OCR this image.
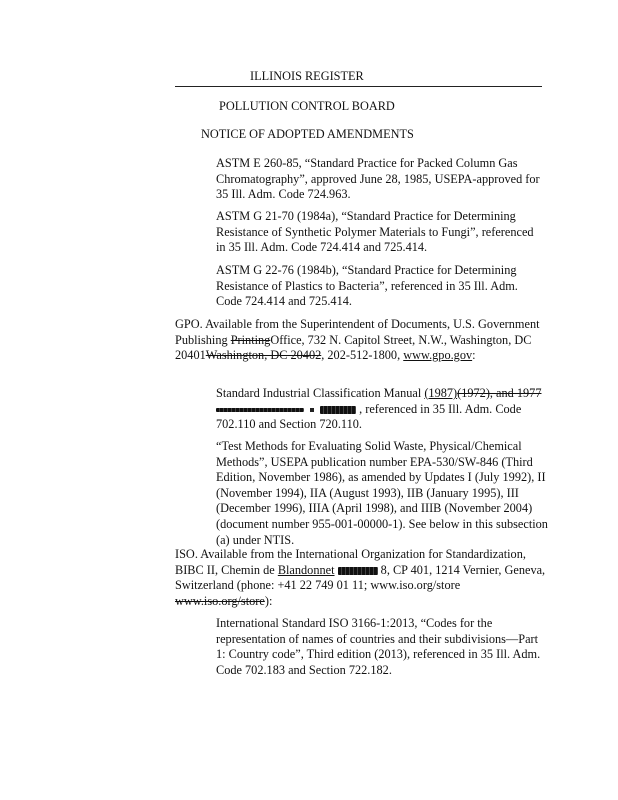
ILLINOIS REGISTER
POLLUTION CONTROL BOARD
NOTICE OF ADOPTED AMENDMENTS
ASTM E 260-85, “Standard Practice for Packed Column Gas Chromatography”, approved June 28, 1985, USEPA-approved for 35 Ill. Adm. Code 724.963.
ASTM G 21-70 (1984a), “Standard Practice for Determining Resistance of Synthetic Polymer Materials to Fungi”, referenced in 35 Ill. Adm. Code 724.414 and 725.414.
ASTM G 22-76 (1984b), “Standard Practice for Determining Resistance of Plastics to Bacteria”, referenced in 35 Ill. Adm. Code 724.414 and 725.414.
GPO. Available from the Superintendent of Documents, U.S. Government Publishing PrintingOffice, 732 N. Capitol Street, N.W., Washington, DC 20401Washington, DC 20402, 202-512-1800, www.gpo.gov:
Standard Industrial Classification Manual (1987)(1972), and 1977
, referenced in 35 Ill. Adm. Code 702.110 and Section 720.110.
“Test Methods for Evaluating Solid Waste, Physical/Chemical Methods”, USEPA publication number EPA-530/SW-846 (Third Edition, November 1986), as amended by Updates I (July 1992), II (November 1994), IIA (August 1993), IIB (January 1995), III (December 1996), IIIA (April 1998), and IIIB (November 2004) (document number 955-001-00000-1). See below in this subsection (a) under NTIS.
ISO. Available from the International Organization for Standardization, BIBC II, Chemin de Blandonnet	8, CP 401, 1214 Vernier, Geneva, Switzerland (phone: +41 22 749 01 11; www.iso.org/store www.iso.org/store):
International Standard ISO 3166-1:2013, “Codes for the representation of names of countries and their subdivisions—Part 1: Country code”, Third edition (2013), referenced in 35 Ill. Adm. Code 702.183 and Section 722.182.
